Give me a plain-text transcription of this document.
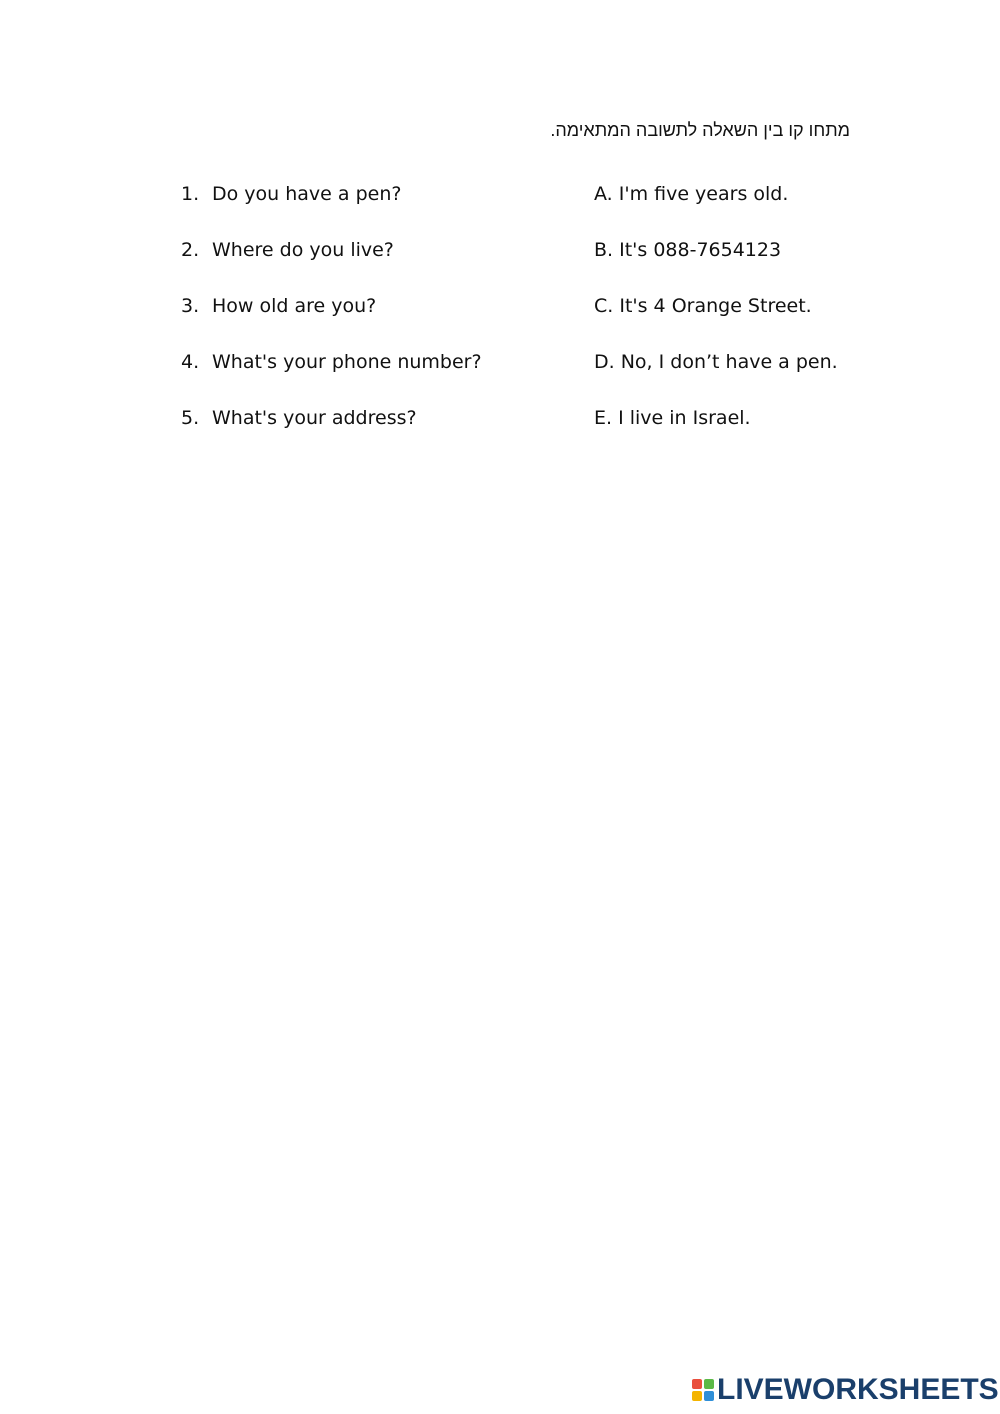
מתחו קו בין השאלה לתשובה המתאימה.
1. Do you have a pen?	A. I'm five years old.
2. Where do you live?	B. It's 088-7654123
3. How old are you?	C. It's 4 Orange Street.
4. What's your phone number?	D. No, I don’t have a pen.
5. What's your address?	E. I live in Israel.
LIVEWORKSHEETS
